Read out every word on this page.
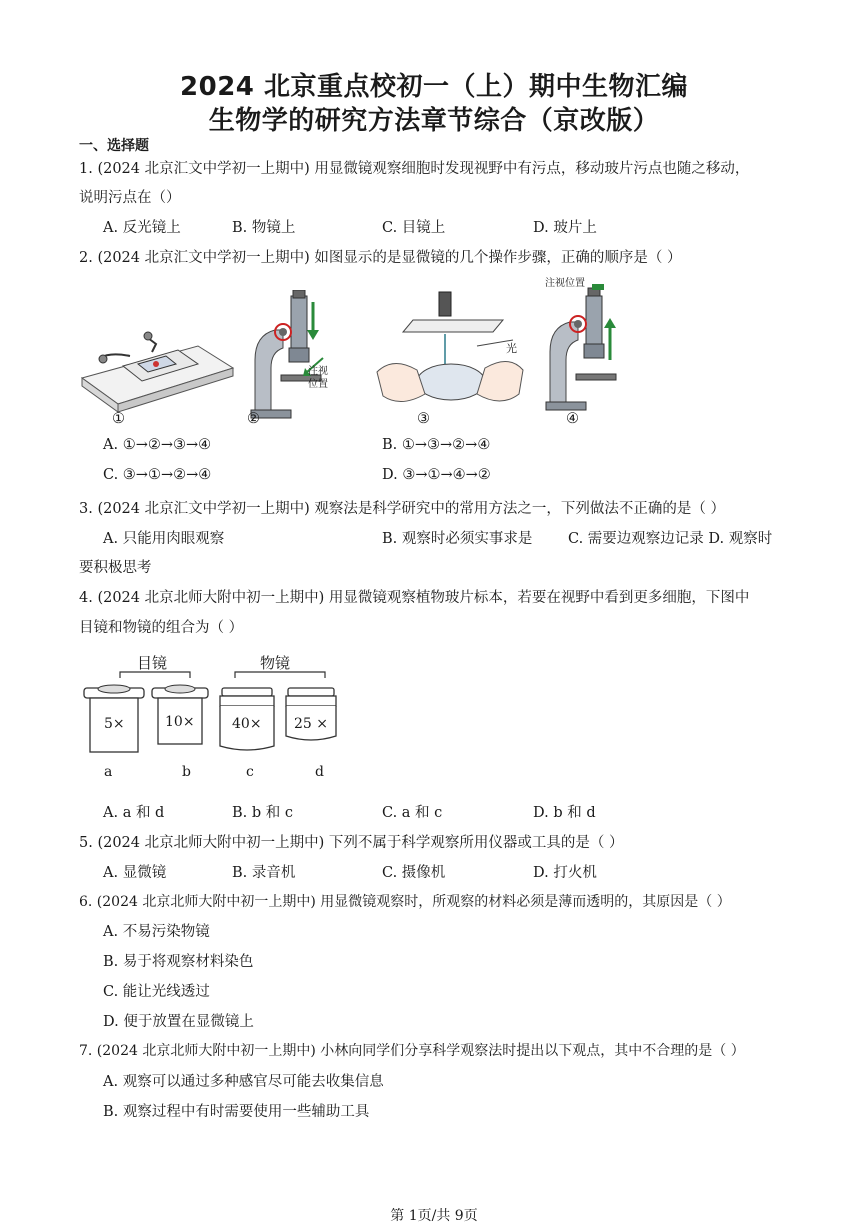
2024 北京重点校初一（上）期中生物汇编
生物学的研究方法章节综合（京改版）
一、选择题
1. (2024 北京汇文中学初一上期中) 用显微镜观察细胞时发现视野中有污点，移动玻片污点也随之移动，
说明污点在（）
A. 反光镜上	B. 物镜上	C. 目镜上	D. 玻片上
2. (2024 北京汇文中学初一上期中) 如图显示的是显微镜的几个操作步骤，正确的顺序是（ ）
①
注视
位置
②
光
③
注视位置
④
A. ①→②→③→④	B. ①→③→②→④
C. ③→①→②→④	D. ③→①→④→②
3. (2024 北京汇文中学初一上期中) 观察法是科学研究中的常用方法之一，下列做法不正确的是（ ）
A. 只能用肉眼观察	B. 观察时必须实事求是 C. 需要边观察边记录 D. 观察时
要积极思考
4. (2024 北京北师大附中初一上期中) 用显微镜观察植物玻片标本，若要在视野中看到更多细胞，下图中
目镜和物镜的组合为（ ）
目镜	物镜
5×	10×	40× 25 ×
a	b	c	d
A. a 和 d	B. b 和 c	C. a 和 c	D. b 和 d
5. (2024 北京北师大附中初一上期中) 下列不属于科学观察所用仪器或工具的是（ ）
A. 显微镜	B. 录音机	C. 摄像机	D. 打火机
6. (2024 北京北师大附中初一上期中) 用显微镜观察时，所观察的材料必须是薄而透明的，其原因是（ ）
A. 不易污染物镜
B. 易于将观察材料染色
C. 能让光线透过
D. 便于放置在显微镜上
7. (2024 北京北师大附中初一上期中) 小林向同学们分享科学观察法时提出以下观点，其中不合理的是（ ）
A. 观察可以通过多种感官尽可能去收集信息
B. 观察过程中有时需要使用一些辅助工具
第 1页/共 9页
